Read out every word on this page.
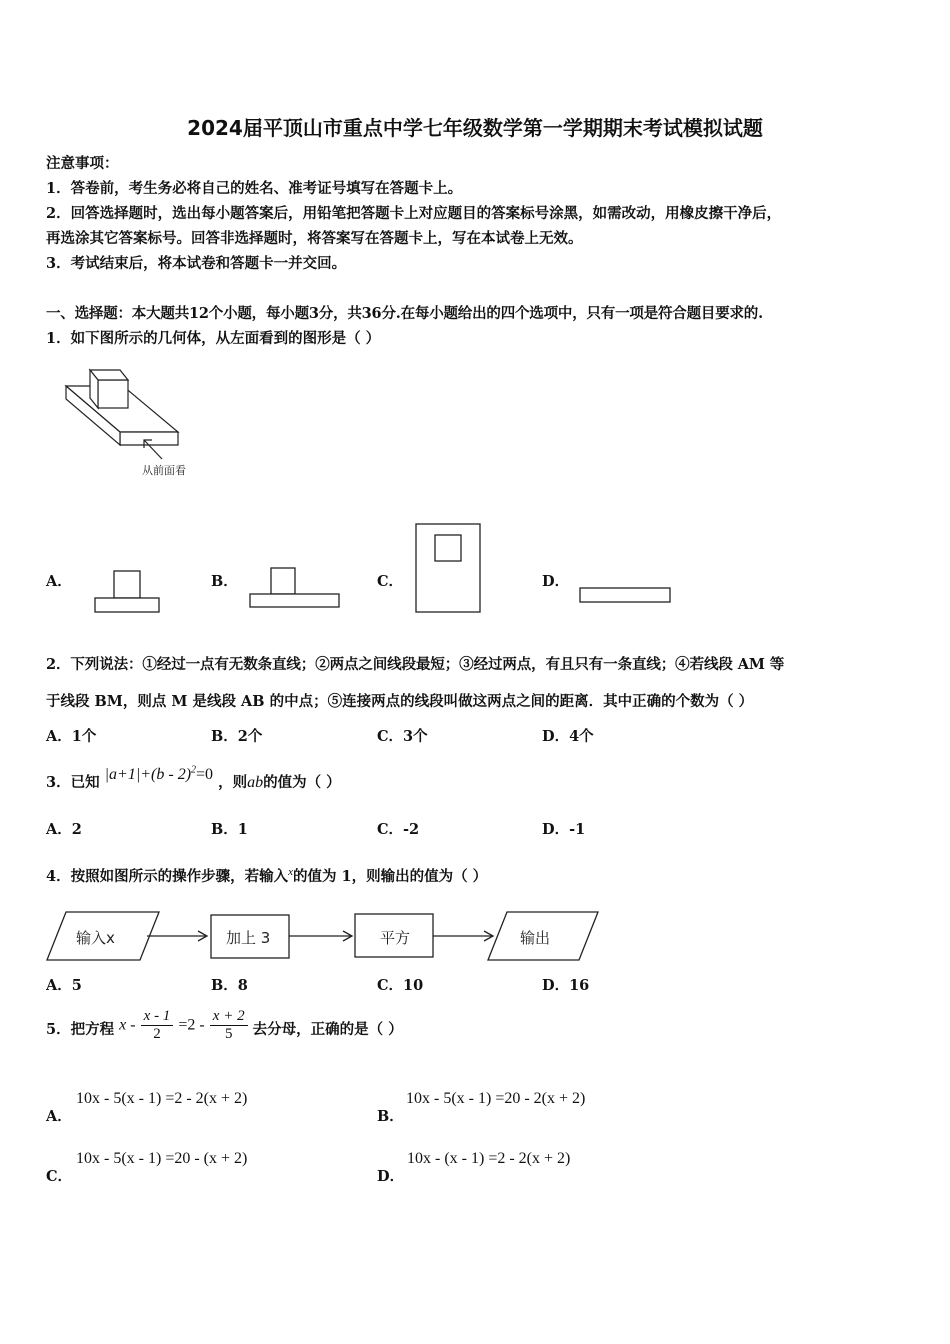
2024届平顶山市重点中学七年级数学第一学期期末考试模拟试题
注意事项：
1．答卷前，考生务必将自己的姓名、准考证号填写在答题卡上。
2．回答选择题时，选出每小题答案后，用铅笔把答题卡上对应题目的答案标号涂黑，如需改动，用橡皮擦干净后，
再选涂其它答案标号。回答非选择题时，将答案写在答题卡上，写在本试卷上无效。
3．考试结束后，将本试卷和答题卡一并交回。
一、选择题：本大题共12个小题，每小题3分，共36分.在每小题给出的四个选项中，只有一项是符合题目要求的.
1．如下图所示的几何体，从左面看到的图形是（ ）
从前面看
A．	B．	C．	D．
2．下列说法：①经过一点有无数条直线；②两点之间线段最短；③经过两点，有且只有一条直线；④若线段 AM 等
于线段 BM，则点 M 是线段 AB 的中点；⑤连接两点的线段叫做这两点之间的距离．其中正确的个数为（ ）
A．1个	B．2个	C．3个	D．4个
3．已知 |a+1|+(b - 2)$^2$=0 ，则ab的值为（ ）
A．2	B．1	C．-2	D．-1
4．按照如图所示的操作步骤，若输入$^x$的值为 1，则输出的值为（ ）
输入x	加上 3	平方	输出
A．5	B．8	C．10	D．16
5．把方程 $x - \frac{x - 1}{2} =2 - \frac{x + 2}{5}$ 去分母，正确的是（ ）
A．
10x - 5(x - 1) =2 - 2(x + 2)
B．
10x - 5(x - 1) =20 - 2(x + 2)
C．
10x - 5(x - 1) =20 - (x + 2)
D．
10x - (x - 1) =2 - 2(x + 2)
